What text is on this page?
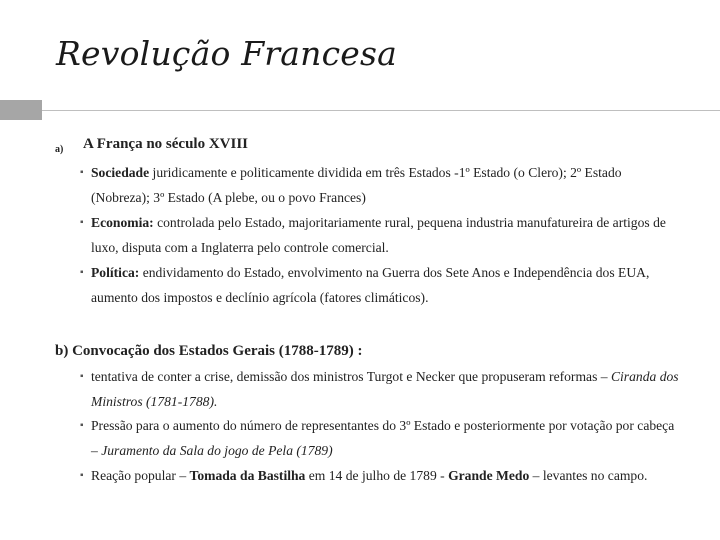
Revolução Francesa
a) A França no século XVIII
▪ Sociedade juridicamente e politicamente dividida em três Estados -1º Estado (o Clero); 2º Estado (Nobreza); 3º Estado (A plebe, ou o povo Frances)
▪ Economia: controlada pelo Estado, majoritariamente rural, pequena industria manufatureira de artigos de luxo, disputa com a Inglaterra pelo controle comercial.
▪ Política: endividamento do Estado, envolvimento na Guerra dos Sete Anos e Independência dos EUA, aumento dos impostos e declínio agrícola (fatores climáticos).
b) Convocação dos Estados Gerais (1788-1789) :
▪ tentativa de conter a crise, demissão dos ministros Turgot e Necker que propuseram reformas – Ciranda dos Ministros (1781-1788).
▪ Pressão para o aumento do número de representantes do 3º Estado e posteriormente por votação por cabeça – Juramento da Sala do jogo de Pela (1789)
▪ Reação popular – Tomada da Bastilha em 14 de julho de 1789 - Grande Medo – levantes no campo.
